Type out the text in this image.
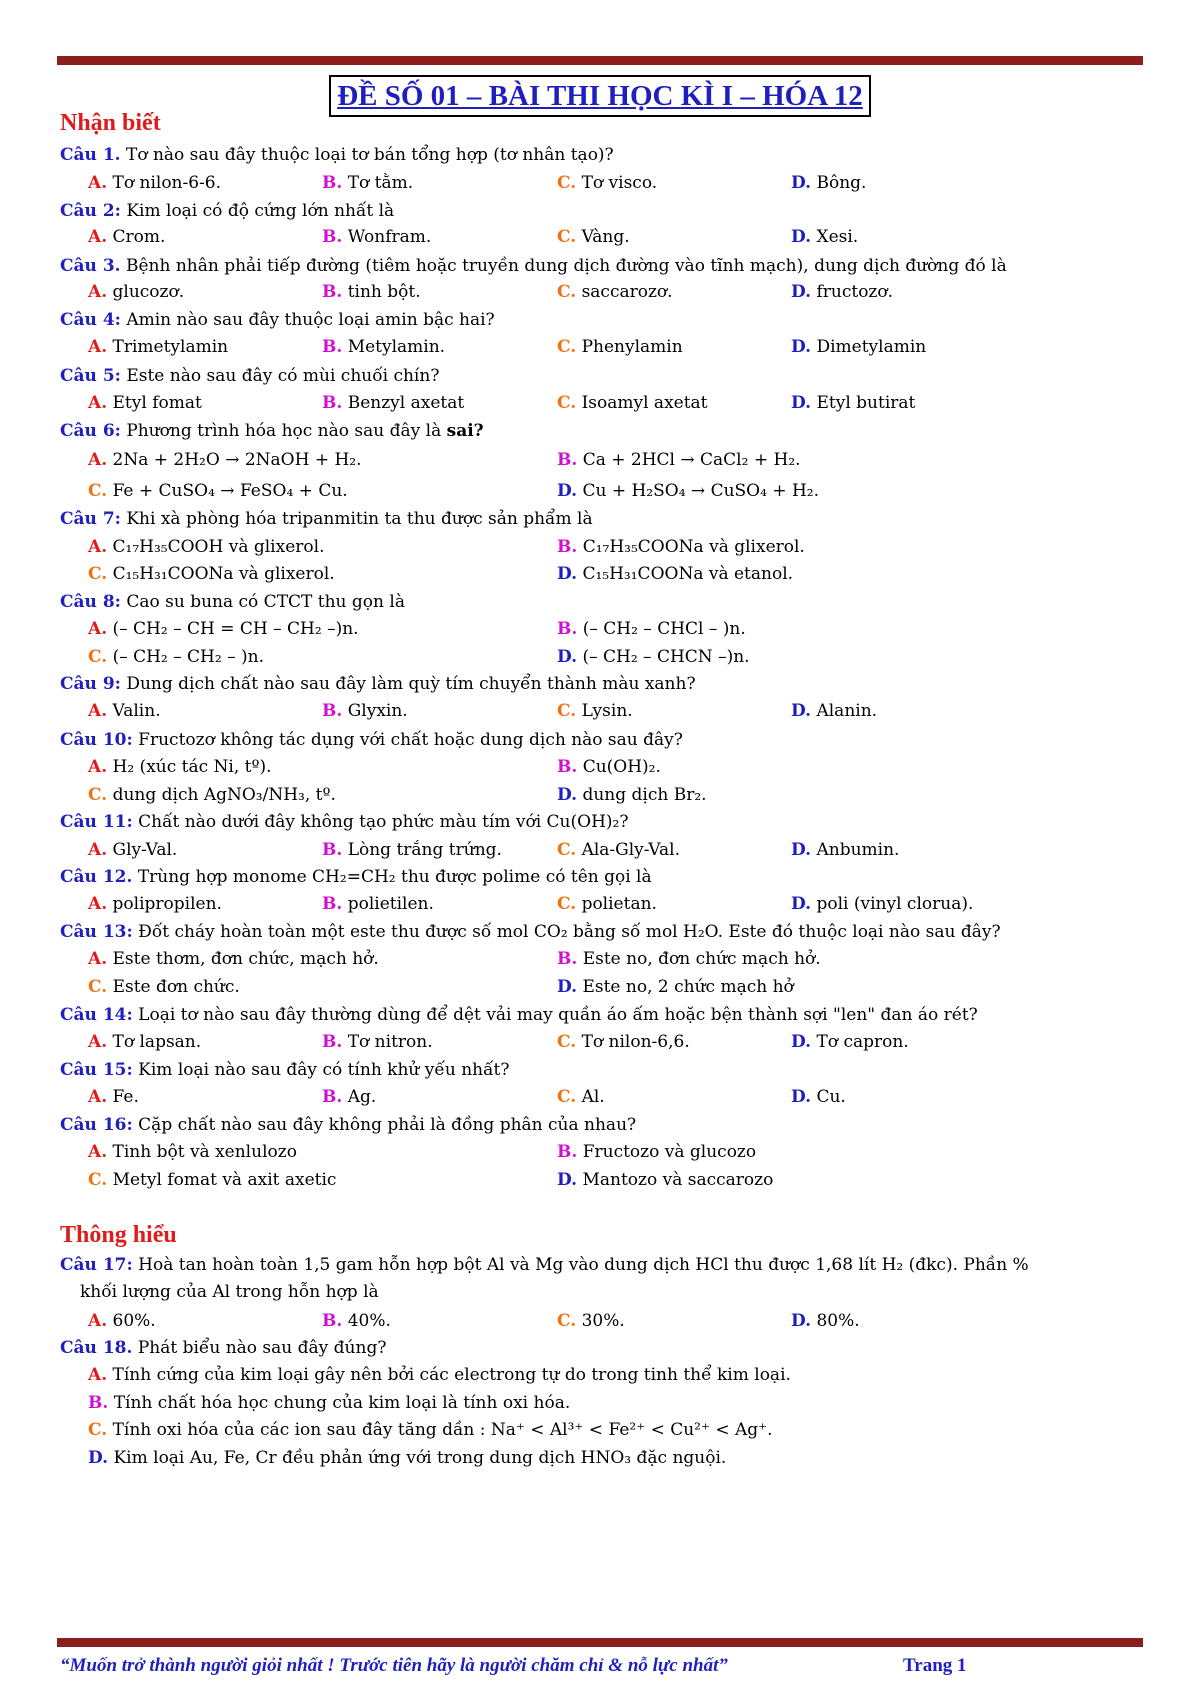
ĐỀ SỐ 01 – BÀI THI HỌC KÌ I – HÓA 12
Nhận biết
Thông hiểu
Câu 1. Tơ nào sau đây thuộc loại tơ bán tổng hợp (tơ nhân tạo)?
A. Tơ nilon-6-6.	B. Tơ tằm.	C. Tơ visco.	D. Bông.
Câu 2: Kim loại có độ cứng lớn nhất là
A. Crom.	B. Wonfram.	C. Vàng.	D. Xesi.
Câu 3. Bệnh nhân phải tiếp đường (tiêm hoặc truyền dung dịch đường vào tĩnh mạch), dung dịch đường đó là
A. glucozơ.	B. tinh bột.	C. saccarozơ.	D. fructozơ.
Câu 4: Amin nào sau đây thuộc loại amin bậc hai?
A. Trimetylamin	B. Metylamin.	C. Phenylamin	D. Dimetylamin
Câu 5: Este nào sau đây có mùi chuối chín?
A. Etyl fomat	B. Benzyl axetat	C. Isoamyl axetat	D. Etyl butirat
Câu 6: Phương trình hóa học nào sau đây là sai?
A. 2Na + 2H₂O → 2NaOH + H₂.	B. Ca + 2HCl → CaCl₂ + H₂.
C. Fe + CuSO₄ → FeSO₄ + Cu.	D. Cu + H₂SO₄ → CuSO₄ + H₂.
Câu 7: Khi xà phòng hóa tripanmitin ta thu được sản phẩm là
A. C₁₇H₃₅COOH và glixerol.	B. C₁₇H₃₅COONa và glixerol.
C. C₁₅H₃₁COONa và glixerol.	D. C₁₅H₃₁COONa và etanol.
Câu 8: Cao su buna có CTCT thu gọn là
A. (– CH₂ – CH = CH – CH₂ –)n.	B. (– CH₂ – CHCl – )n.
C. (– CH₂ – CH₂ – )n.	D. (– CH₂ – CHCN –)n.
Câu 9: Dung dịch chất nào sau đây làm quỳ tím chuyển thành màu xanh?
A. Valin.	B. Glyxin.	C. Lysin.	D. Alanin.
Câu 10: Fructozơ không tác dụng với chất hoặc dung dịch nào sau đây?
A. H₂ (xúc tác Ni, tº).	B. Cu(OH)₂.
C. dung dịch AgNO₃/NH₃, tº.	D. dung dịch Br₂.
Câu 11: Chất nào dưới đây không tạo phức màu tím với Cu(OH)₂?
A. Gly-Val.	B. Lòng trắng trứng.	C. Ala-Gly-Val.	D. Anbumin.
Câu 12. Trùng hợp monome CH₂=CH₂ thu được polime có tên gọi là
A. polipropilen.	B. polietilen.	C. polietan.	D. poli (vinyl clorua).
Câu 13: Đốt cháy hoàn toàn một este thu được số mol CO₂ bằng số mol H₂O. Este đó thuộc loại nào sau đây?
A. Este thơm, đơn chức, mạch hở.	B. Este no, đơn chức mạch hở.
C. Este đơn chức.	D. Este no, 2 chức mạch hở
Câu 14: Loại tơ nào sau đây thường dùng để dệt vải may quần áo ấm hoặc bện thành sợi "len" đan áo rét?
A. Tơ lapsan.	B. Tơ nitron.	C. Tơ nilon-6,6.	D. Tơ capron.
Câu 15: Kim loại nào sau đây có tính khử yếu nhất?
A. Fe.	B. Ag.	C. Al.	D. Cu.
Câu 16: Cặp chất nào sau đây không phải là đồng phân của nhau?
A. Tinh bột và xenlulozo	B. Fructozo và glucozo
C. Metyl fomat và axit axetic	D. Mantozo và saccarozo
Câu 17: Hoà tan hoàn toàn 1,5 gam hỗn hợp bột Al và Mg vào dung dịch HCl thu được 1,68 lít H₂ (đkc). Phần %
khối lượng của Al trong hỗn hợp là
A. 60%.	B. 40%.	C. 30%.	D. 80%.
Câu 18. Phát biểu nào sau đây đúng?
A. Tính cứng của kim loại gây nên bởi các electrong tự do trong tinh thể kim loại.
B. Tính chất hóa học chung của kim loại là tính oxi hóa.
C. Tính oxi hóa của các ion sau đây tăng dần : Na⁺ < Al³⁺ < Fe²⁺ < Cu²⁺ < Ag⁺.
D. Kim loại Au, Fe, Cr đều phản ứng với trong dung dịch HNO₃ đặc nguội.
“Muốn trở thành người giỏi nhất ! Trước tiên hãy là người chăm chỉ & nỗ lực nhất”	Trang 1
